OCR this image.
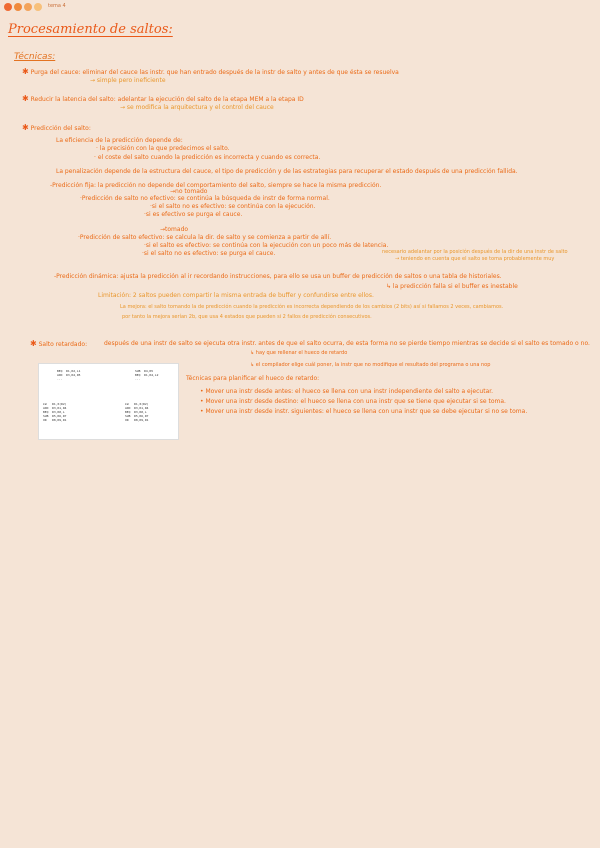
tema 4
Procesamiento de saltos:
Técnicas:
✱ Purga del cauce: eliminar del cauce las instr. que han entrado después de la instr de salto y antes de que ésta se resuelva
→ simple pero ineficiente
✱ Reducir la latencia del salto: adelantar la ejecución del salto de la etapa MEM a la etapa ID
→ se modifica la arquitectura y el control del cauce
✱ Predicción del salto:
La eficiencia de la predicción depende de:
· la precisión con la que predecimos el salto.
· el coste del salto cuando la predicción es incorrecta y cuando es correcta.
La penalización depende de la estructura del cauce, el tipo de predicción y de las estrategias para recuperar el estado después de una predicción fallida.
-Predicción fija: la predicción no depende del comportamiento del salto, siempre se hace la misma predicción.
→no tomado
·Predicción de salto no efectivo: se continúa la búsqueda de instr de forma normal.
·si el salto no es efectivo: se continúa con la ejecución.
·si es efectivo se purga el cauce.
→tomado
·Predicción de salto efectivo: se calcula la dir. de salto y se comienza a partir de allí.
·si el salto es efectivo: se continúa con la ejecución con un poco más de latencia.
·si el salto no es efectivo: se purga el cauce.	necesario adelantar por la posición después de la dir de una instr de salto
→ teniendo en cuenta que el salto se toma probablemente muy
-Predicción dinámica: ajusta la predicción al ir recordando instrucciones, para ello se usa un buffer de predicción de saltos o una tabla de historiales.
↳ la predicción falla si el buffer es inestable
Limitación: 2 saltos pueden compartir la misma entrada de buffer y confundirse entre ellos.
La mejora: el salto tomando la de predicción cuando la predicción es incorrecta dependiendo de los cambios (2 bits) así si fallamos 2 veces, cambiamos.
por tanto la mejora serían 2b, que usa 4 estados que pueden si 2 fallos de predicción consecutivos.
✱ Salto retardado:	después de una instr de salto se ejecuta otra instr. antes de que el salto ocurra, de esta forma no se pierde tiempo mientras se decide si el salto es tomado o no.
↳ hay que rellenar el hueco de retardo
↳ el compilador elige cuál poner, la instr que no modifique el resultado del programa o una nop
BEQ  R1,R2,L1
ADD  R3,R4,R5
...
SUB  R4,R5
BEQ  R1,R4,L2
...
LW   R1,0(R2)
ADD  R3,R1,R4
BEQ  R3,R0,L
SUB  R5,R6,R7
OR   R8,R9,R1
LW   R1,0(R2)
ADD  R3,R1,R4
BEQ  R3,R0,L
SUB  R5,R6,R7
OR   R8,R9,R1
Técnicas para planificar el hueco de retardo:
• Mover una instr desde antes: el hueco se llena con una instr independiente del salto a ejecutar.
• Mover una instr desde destino: el hueco se llena con una instr que se tiene que ejecutar si se toma.
• Mover una instr desde instr. siguientes: el hueco se llena con una instr que se debe ejecutar si no se toma.
